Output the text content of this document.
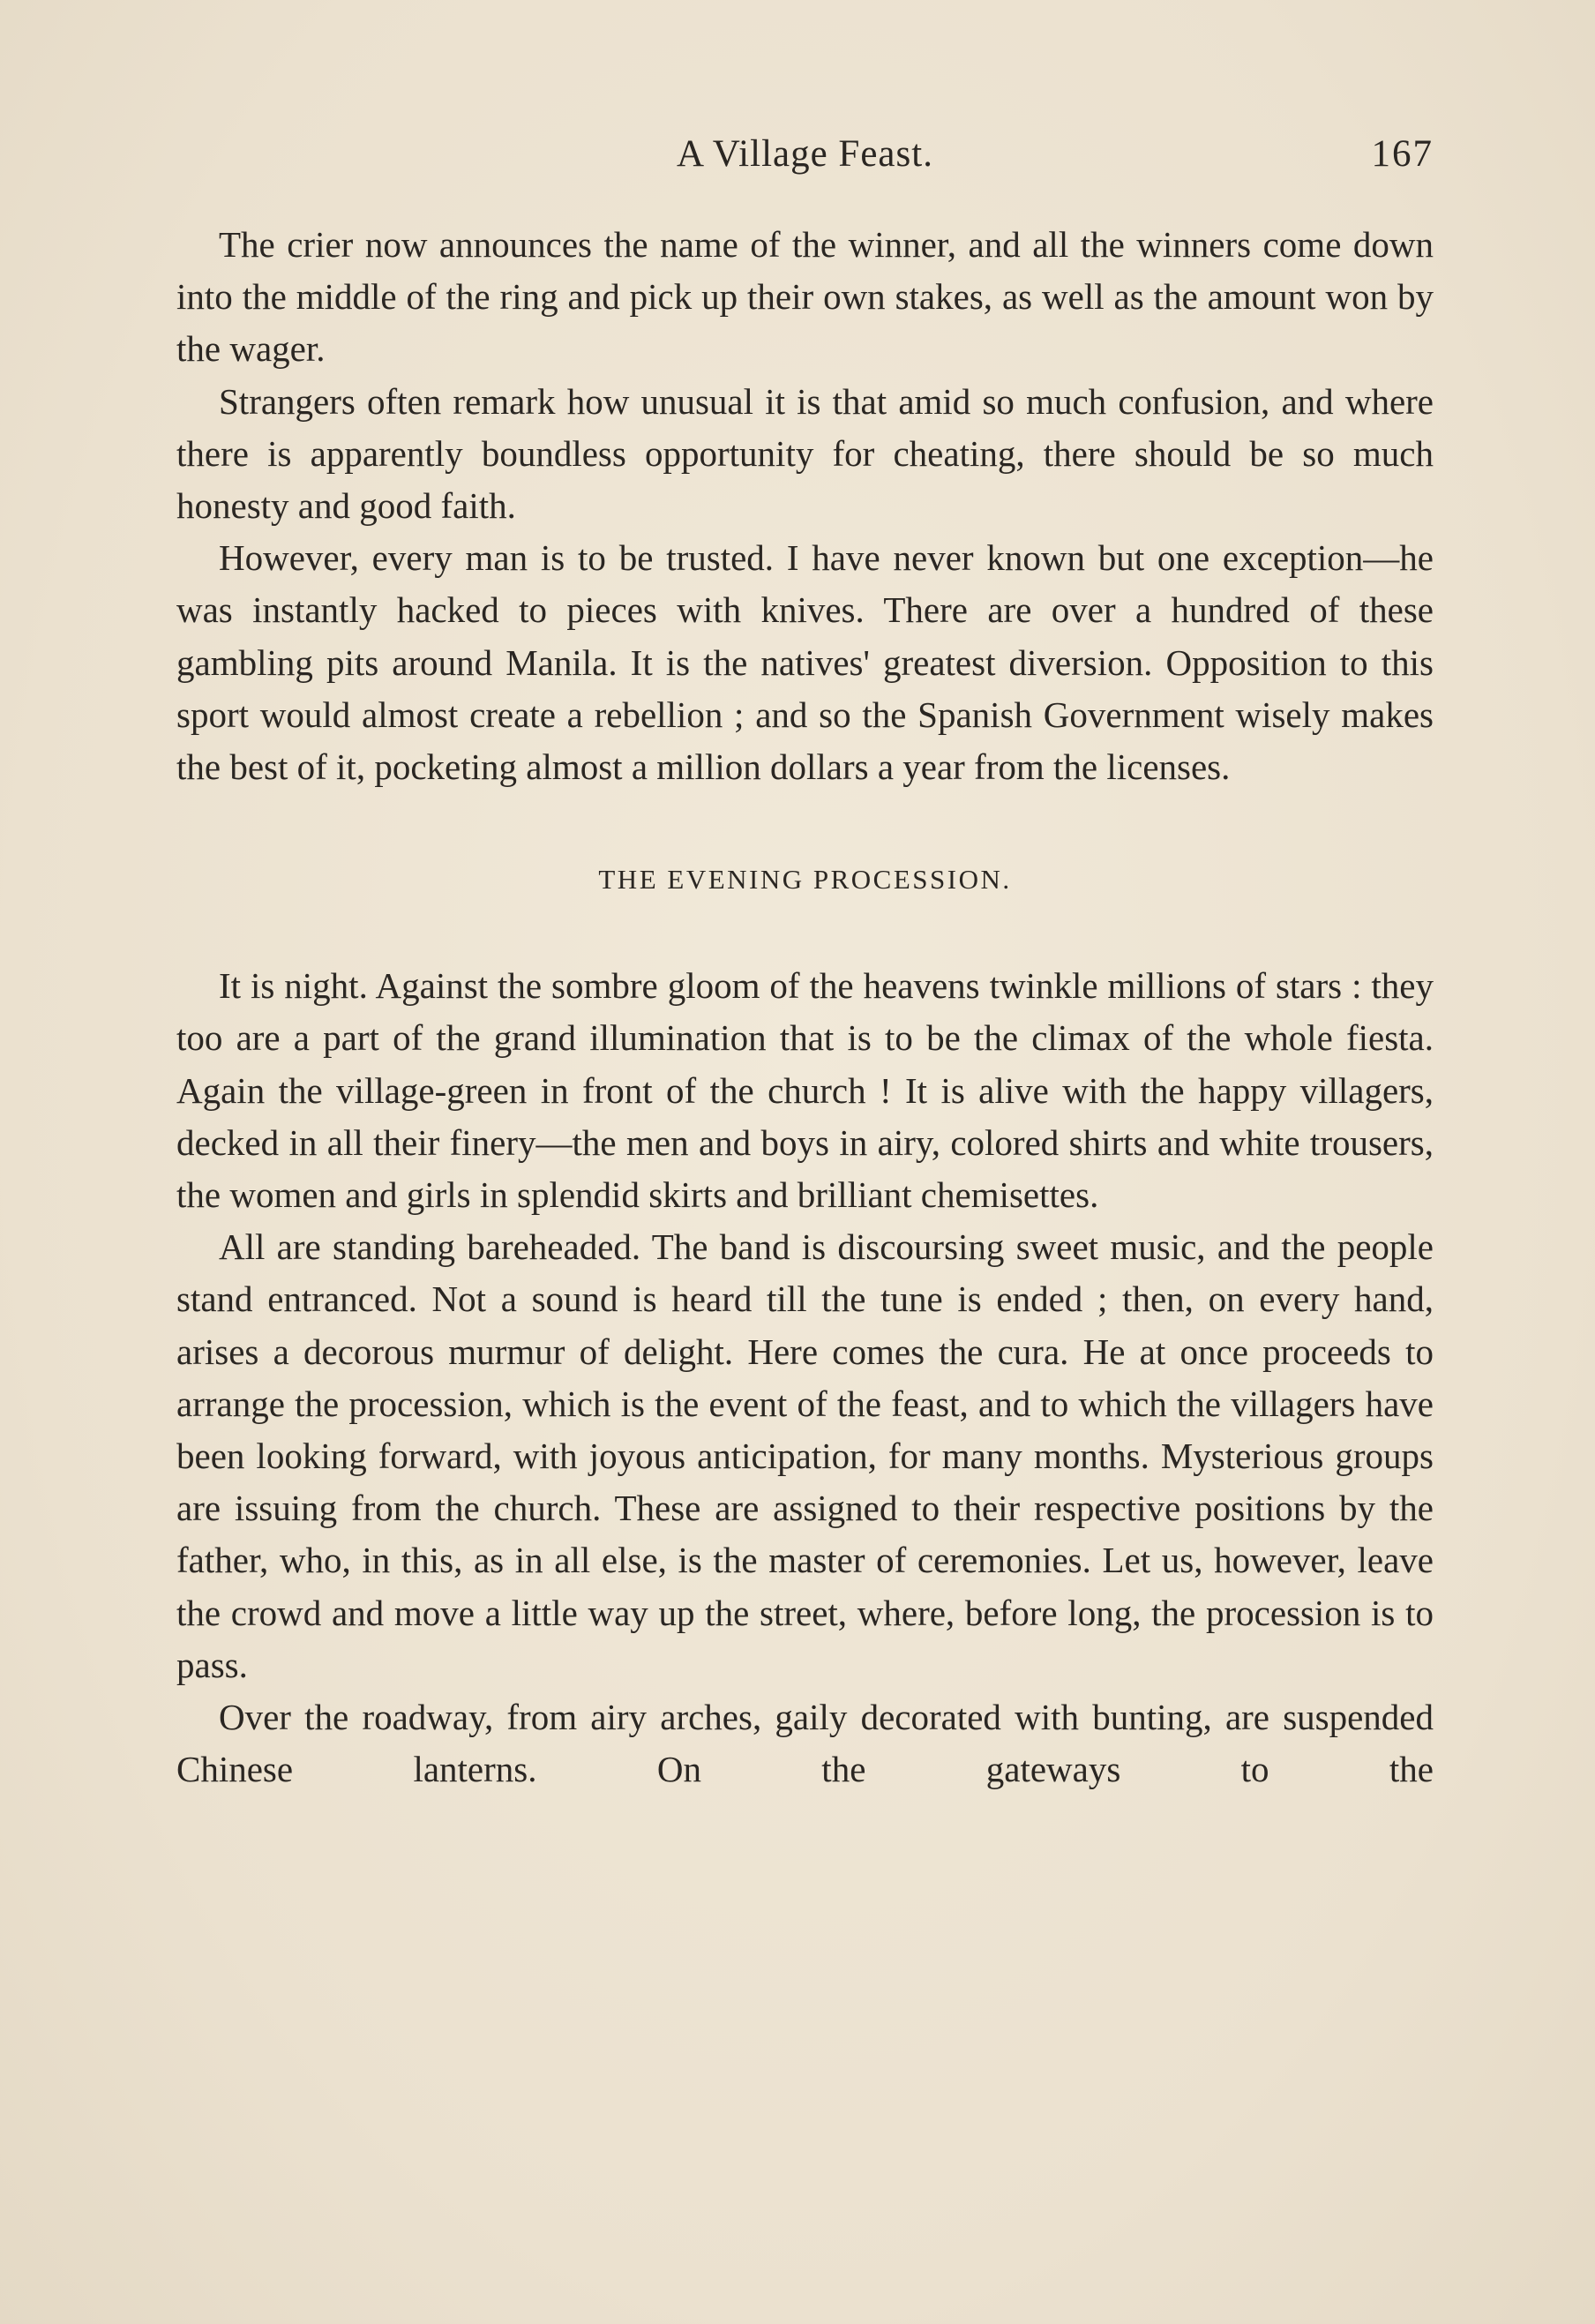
A Village Feast.	167

The crier now announces the name of the winner, and all the winners come down into the middle of the ring and pick up their own stakes, as well as the amount won by the wager.

Strangers often remark how unusual it is that amid so much confusion, and where there is apparently boundless opportunity for cheating, there should be so much honesty and good faith.

However, every man is to be trusted. I have never known but one exception—he was instantly hacked to pieces with knives. There are over a hundred of these gambling pits around Manila. It is the natives' greatest diversion. Opposition to this sport would almost create a rebellion ; and so the Spanish Government wisely makes the best of it, pocketing almost a million dollars a year from the licenses.

THE EVENING PROCESSION.

It is night. Against the sombre gloom of the heavens twinkle millions of stars : they too are a part of the grand illumination that is to be the climax of the whole fiesta. Again the village-green in front of the church ! It is alive with the happy villagers, decked in all their finery—the men and boys in airy, colored shirts and white trousers, the women and girls in splendid skirts and brilliant chemisettes.

All are standing bareheaded. The band is discoursing sweet music, and the people stand entranced. Not a sound is heard till the tune is ended ; then, on every hand, arises a decorous murmur of delight. Here comes the cura. He at once proceeds to arrange the procession, which is the event of the feast, and to which the villagers have been looking forward, with joyous anticipation, for many months. Mysterious groups are issuing from the church. These are assigned to their respective positions by the father, who, in this, as in all else, is the master of ceremonies. Let us, however, leave the crowd and move a little way up the street, where, before long, the procession is to pass.

Over the roadway, from airy arches, gaily decorated with bunting, are suspended Chinese lanterns. On the gateways to the
